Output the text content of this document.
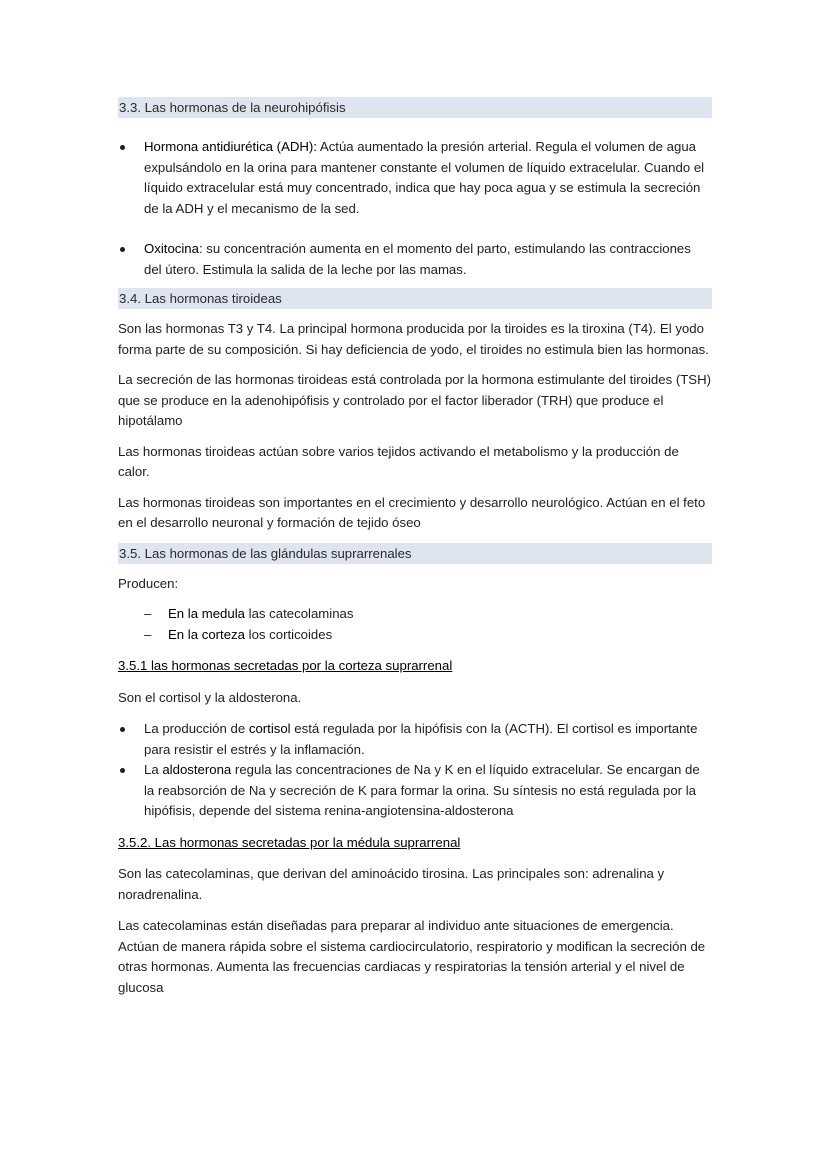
3.3. Las hormonas de la neurohipófisis
Hormona antidiurética (ADH): Actúa aumentado la presión arterial. Regula el volumen de agua expulsándolo en la orina para mantener constante el volumen de líquido extracelular. Cuando el líquido extracelular está muy concentrado, indica que hay poca agua y se estimula la secreción de la ADH y el mecanismo de la sed.
Oxitocina: su concentración aumenta en el momento del parto, estimulando las contracciones del útero. Estimula la salida de la leche por las mamas.
3.4. Las hormonas tiroideas

Son las hormonas T3 y T4. La principal hormona producida por la tiroides es la tiroxina (T4). El yodo forma parte de su composición. Si hay deficiencia de yodo, el tiroides no estimula bien las hormonas.

La secreción de las hormonas tiroideas está controlada por la hormona estimulante del tiroides (TSH) que se produce en la adenohipófisis y controlado por el factor liberador (TRH) que produce el hipotálamo

Las hormonas tiroideas actúan sobre varios tejidos activando el metabolismo y la producción de calor.

Las hormonas tiroideas son importantes en el crecimiento y desarrollo neurológico. Actúan en el feto en el desarrollo neuronal y formación de tejido óseo

3.5. Las hormonas de las glándulas suprarrenales

Producen:

– En la medula las catecolaminas
– En la corteza los corticoides

3.5.1 las hormonas secretadas por la corteza suprarrenal

Son el cortisol y la aldosterona.

La producción de cortisol está regulada por la hipófisis con la (ACTH). El cortisol es importante para resistir el estrés y la inflamación.
La aldosterona regula las concentraciones de Na y K en el líquido extracelular. Se encargan de la reabsorción de Na y secreción de K para formar la orina. Su síntesis no está regulada por la hipófisis, depende del sistema renina-angiotensina-aldosterona

3.5.2. Las hormonas secretadas por la médula suprarrenal

Son las catecolaminas, que derivan del aminoácido tirosina. Las principales son: adrenalina y noradrenalina.

Las catecolaminas están diseñadas para preparar al individuo ante situaciones de emergencia. Actúan de manera rápida sobre el sistema cardiocirculatorio, respiratorio y modifican la secreción de otras hormonas. Aumenta las frecuencias cardiacas y respiratorias la tensión arterial y el nivel de glucosa
